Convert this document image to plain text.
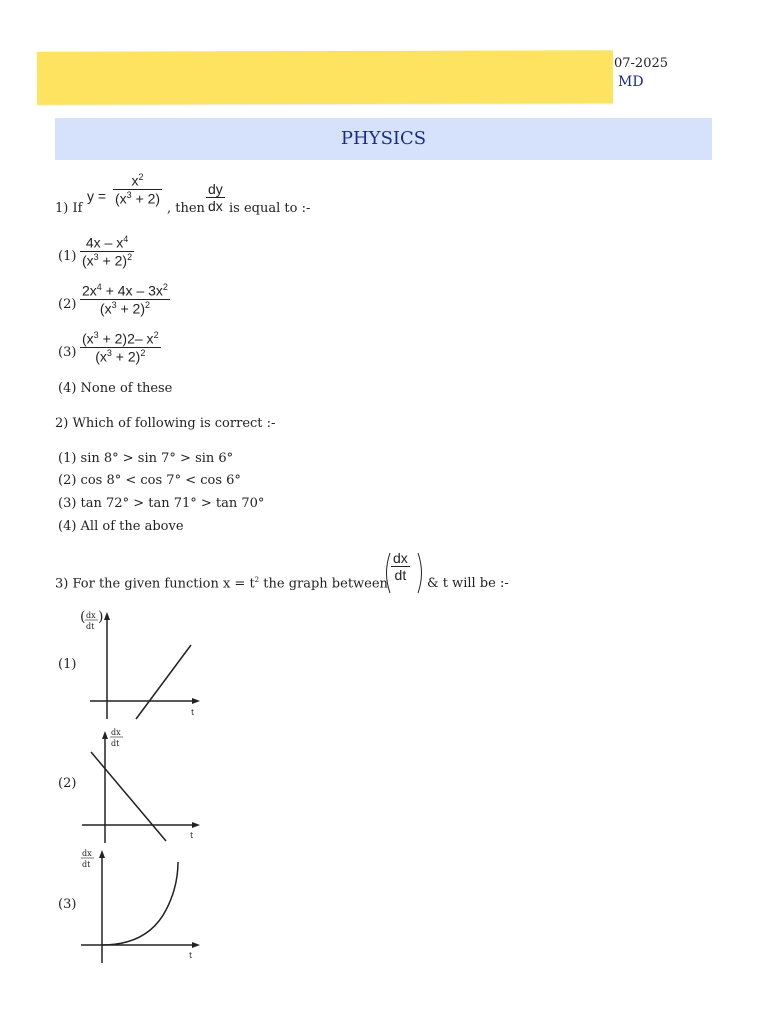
07-2025
MD
PHYSICS
1) If
$y = \frac{x^2}{(x^3 + 2)}$
, then $\frac{dy}{dx}$ is equal to :-
$(1) \frac{4x - x^4}{(x^3 + 2)^2}$
$(2) \frac{2x^4 + 4x - 3x^2}{(x^3 + 2)^2}$
$(3) \frac{(x^3 + 2)2- x^2}{(x^3 + 2)^2}$
(4) None of these
2) Which of following is correct :-
(1) sin 8° > sin 7° > sin 6°
(2) cos 8° < cos 7° < cos 6°
(3) tan 72° > tan 71° > tan 70°
(4) All of the above
3) For the given function $x = t^2$ the graph between
$\frac{dx}{dt}$
& t will be :-
(1)
( dx
dt
)
t
(2)
dx
dt
t
(3)
dx
dt
t
